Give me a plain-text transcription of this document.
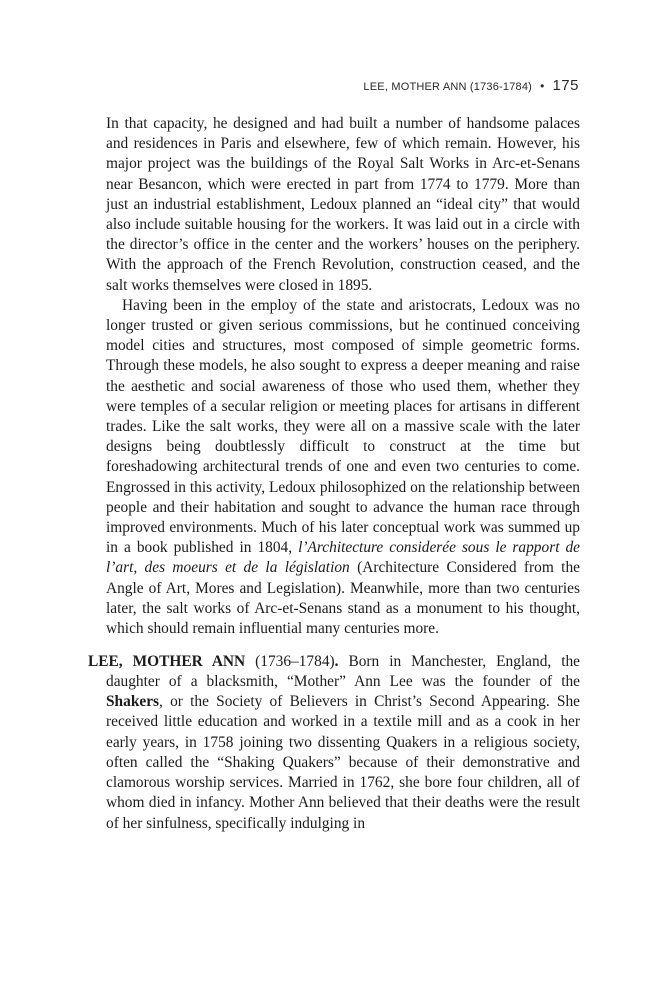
LEE, MOTHER ANN (1736-1784) • 175

In that capacity, he designed and had built a number of handsome palaces and residences in Paris and elsewhere, few of which remain. However, his major project was the buildings of the Royal Salt Works in Arc-et-Senans near Besancon, which were erected in part from 1774 to 1779. More than just an industrial establishment, Ledoux planned an “ideal city” that would also include suitable housing for the workers. It was laid out in a circle with the director’s office in the center and the workers’ houses on the periphery. With the approach of the French Revolution, construction ceased, and the salt works themselves were closed in 1895.

Having been in the employ of the state and aristocrats, Ledoux was no longer trusted or given serious commissions, but he continued conceiving model cities and structures, most composed of simple geometric forms. Through these models, he also sought to express a deeper meaning and raise the aesthetic and social awareness of those who used them, whether they were temples of a secular religion or meeting places for artisans in different trades. Like the salt works, they were all on a massive scale with the later designs being doubtlessly difficult to construct at the time but foreshadowing architectural trends of one and even two centuries to come. Engrossed in this activity, Ledoux philosophized on the relationship between people and their habitation and sought to advance the human race through improved environments. Much of his later conceptual work was summed up in a book published in 1804, l’Architecture considerée sous le rapport de l’art, des moeurs et de la législation (Architecture Considered from the Angle of Art, Mores and Legislation). Meanwhile, more than two centuries later, the salt works of Arc-et-Senans stand as a monument to his thought, which should remain influential many centuries more.

LEE, MOTHER ANN (1736–1784). Born in Manchester, England, the daughter of a blacksmith, “Mother” Ann Lee was the founder of the Shakers, or the Society of Believers in Christ’s Second Appearing. She received little education and worked in a textile mill and as a cook in her early years, in 1758 joining two dissenting Quakers in a religious society, often called the “Shaking Quakers” because of their demonstrative and clamorous worship services. Married in 1762, she bore four children, all of whom died in infancy. Mother Ann believed that their deaths were the result of her sinfulness, specifically indulging in
